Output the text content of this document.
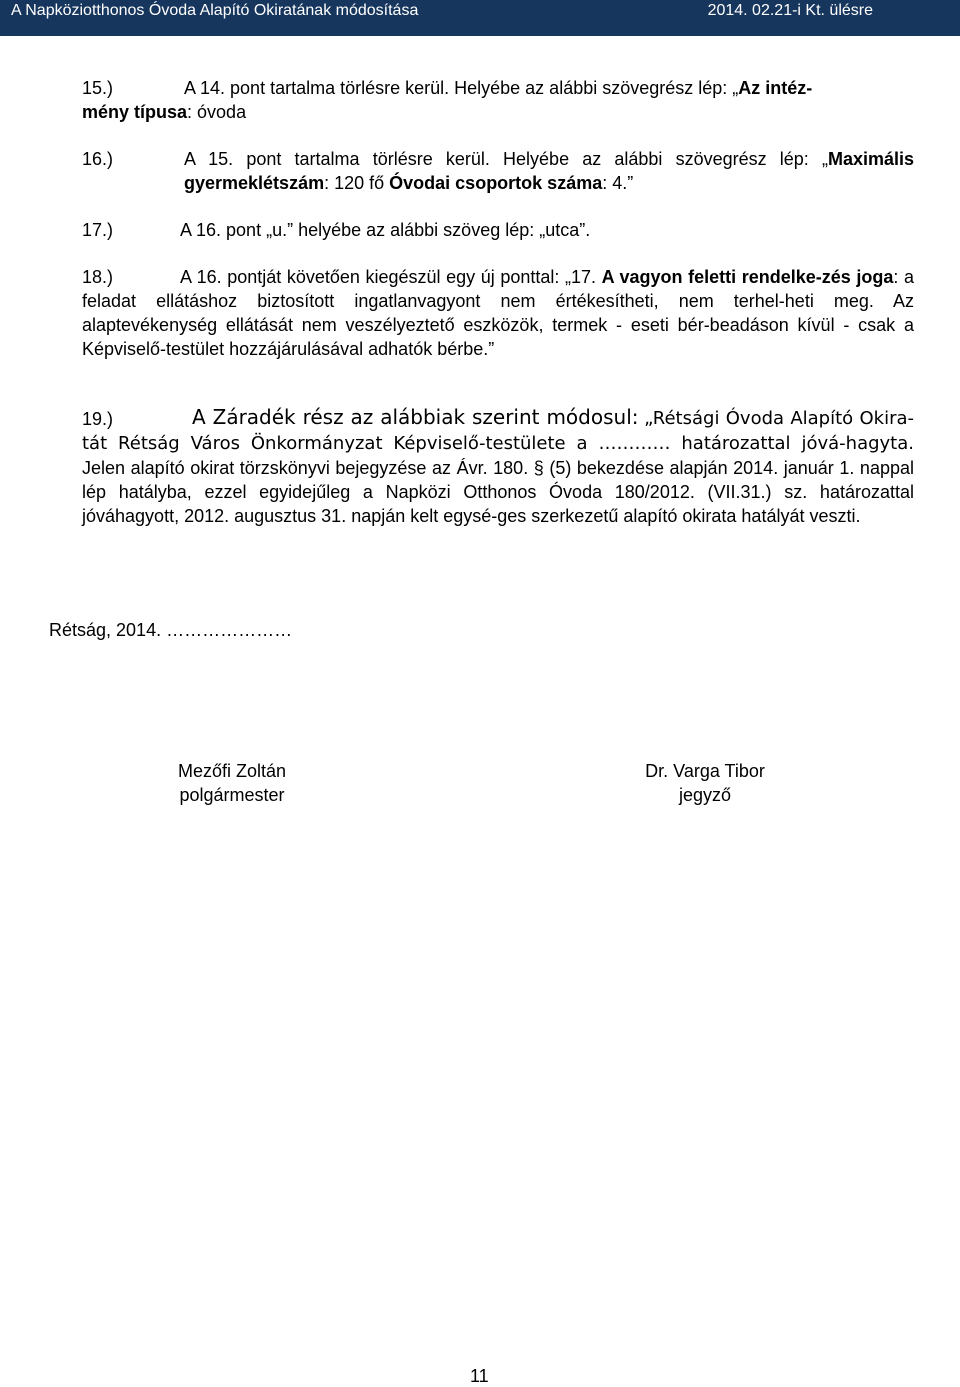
A Napköziotthonos Óvoda Alapító Okiratának módosítása	2014. 02.21-i Kt. ülésre
15.)	A 14. pont tartalma törlésre kerül. Helyébe az alábbi szövegrész lép: „Az intéz-
mény típusa: óvoda
16.)	A 15. pont tartalma törlésre kerül. Helyébe az alábbi szövegrész lép: „Maximális gyermeklétszám: 120 fő Óvodai csoportok száma: 4.”
17.)	A 16. pont „u.” helyébe az alábbi szöveg lép: „utca”.
18.)	A 16. pontját követően kiegészül egy új ponttal: „17. A vagyon feletti rendelke-zés joga: a feladat ellátáshoz biztosított ingatlanvagyont nem értékesítheti, nem terhel-heti meg. Az alaptevékenység ellátását nem veszélyeztető eszközök, termek - eseti bér-beadáson kívül - csak a Képviselő-testület hozzájárulásával adhatók bérbe.”
19.)	A Záradék rész az alábbiak szerint módosul: „Rétsági Óvoda Alapító Okira-tát Rétság Város Önkormányzat Képviselő-testülete a ………… határozattal jóvá-hagyta. Jelen alapító okirat törzskönyvi bejegyzése az Ávr. 180. § (5) bekezdése alapján 2014. január 1. nappal lép hatályba, ezzel egyidejűleg a Napközi Otthonos Óvoda 180/2012. (VII.31.) sz. határozattal jóváhagyott, 2012. augusztus 31. napján kelt egysé-ges szerkezetű alapító okirata hatályát veszti.
Rétság, 2014. …………………
Mezőfi Zoltán
polgármester
Dr. Varga Tibor
jegyző
11
